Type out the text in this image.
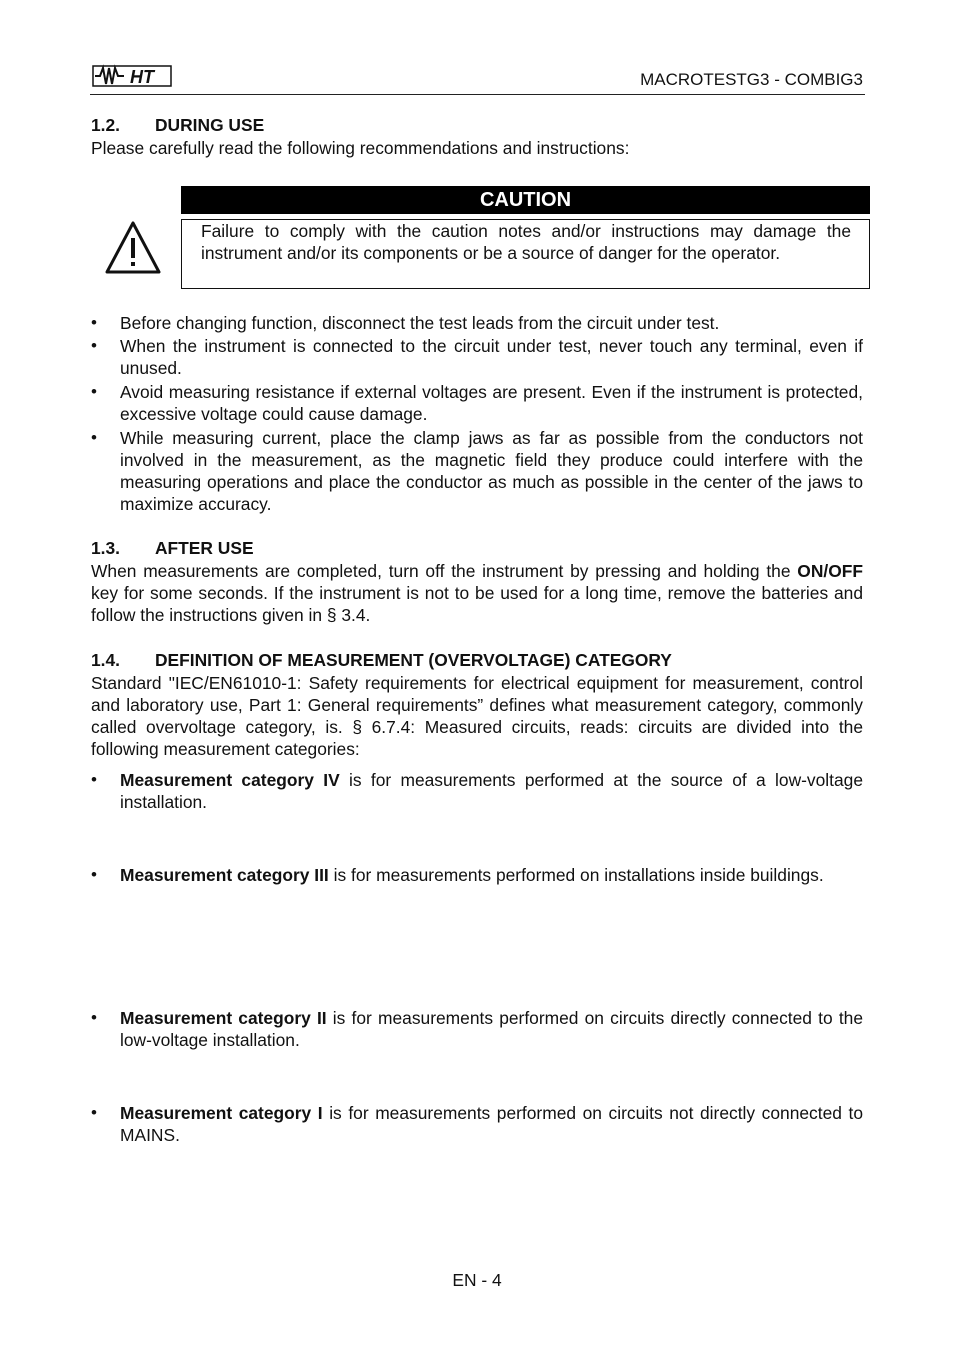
HT	MACROTESTG3 - COMBIG3
1.2. DURING USE
Please carefully read the following recommendations and instructions:
CAUTION
Failure to comply with the caution notes and/or instructions may damage the instrument and/or its components or be a source of danger for the operator.
•	Before changing function, disconnect the test leads from the circuit under test.
•	When the instrument is connected to the circuit under test, never touch any terminal, even if unused.
•	Avoid measuring resistance if external voltages are present. Even if the instrument is protected, excessive voltage could cause damage.
•	While measuring current, place the clamp jaws as far as possible from the conductors not involved in the measurement, as the magnetic field they produce could interfere with the measuring operations and place the conductor as much as possible in the center of the jaws to maximize accuracy.
1.3. AFTER USE
When measurements are completed, turn off the instrument by pressing and holding the ON/OFF key for some seconds. If the instrument is not to be used for a long time, remove the batteries and follow the instructions given in § 3.4.
1.4. DEFINITION OF MEASUREMENT (OVERVOLTAGE) CATEGORY
Standard "IEC/EN61010-1: Safety requirements for electrical equipment for measurement, control and laboratory use, Part 1: General requirements” defines what measurement category, commonly called overvoltage category, is. § 6.7.4: Measured circuits, reads: circuits are divided into the following measurement categories:
•	Measurement category IV is for measurements performed at the source of a low-voltage installation.
•	Measurement category III is for measurements performed on installations inside buildings.
•	Measurement category II is for measurements performed on circuits directly connected to the low-voltage installation.
•	Measurement category I is for measurements performed on circuits not directly connected to MAINS.
EN - 4
